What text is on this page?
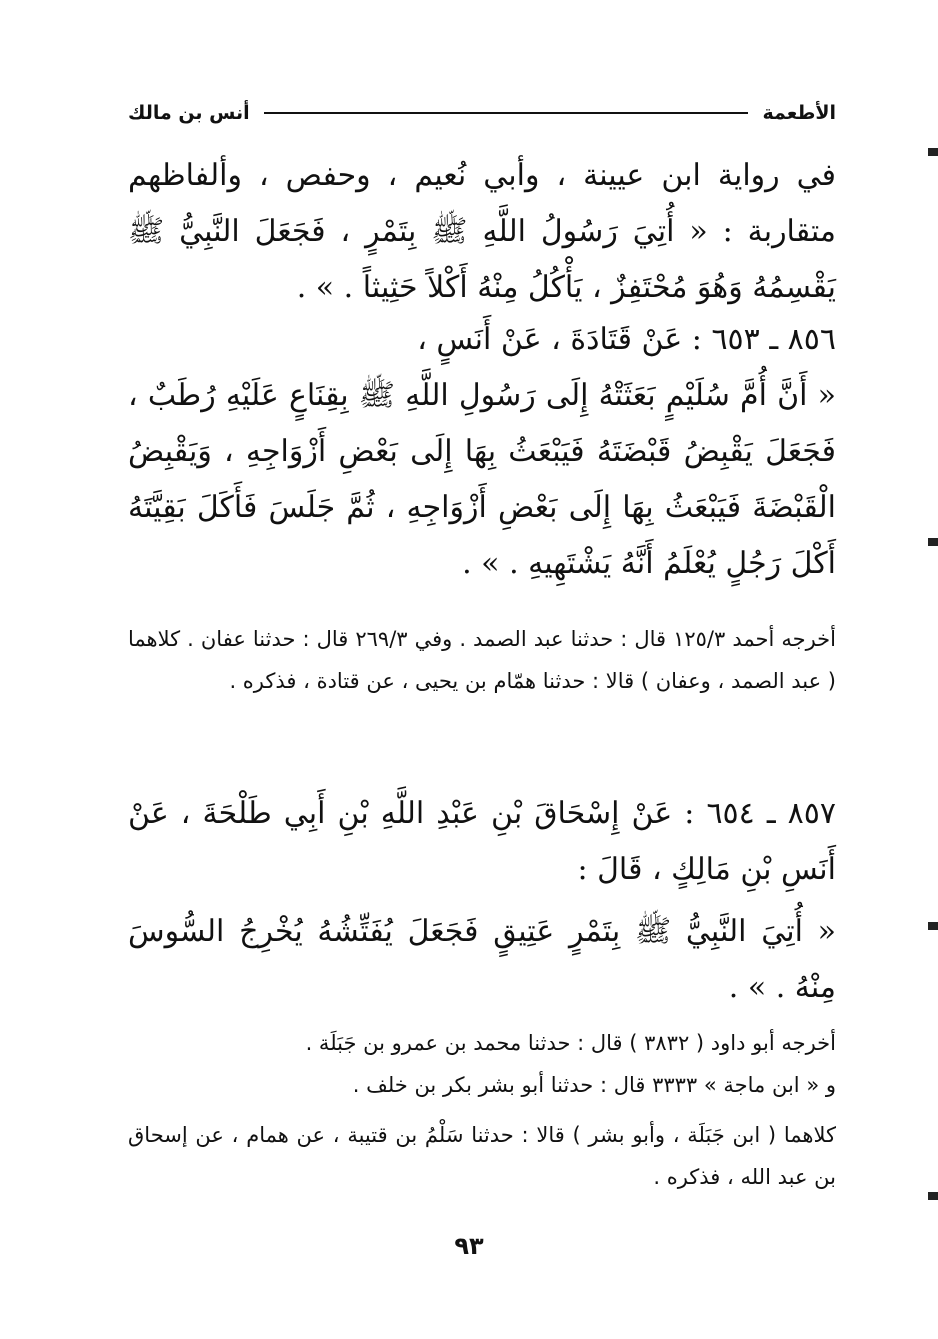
الأطعمة
أنس بن مالك

في رواية ابن عيينة ، وأبي نُعيم ، وحفص ، وألفاظهم متقاربة : « أُتِيَ رَسُولُ اللَّهِ ﷺ بِتَمْرٍ ، فَجَعَلَ النَّبِيُّ ﷺ يَقْسِمُهُ وَهُوَ مُحْتَفِزٌ ، يَأْكُلُ مِنْهُ أَكْلاً حَثِيثاً . » .

٨٥٦ ـ ٦٥٣ : عَنْ قَتَادَةَ ، عَنْ أَنَسٍ ،

« أَنَّ أُمَّ سُلَيْمٍ بَعَثَتْهُ إِلَى رَسُولِ اللَّهِ ﷺ بِقِنَاعٍ عَلَيْهِ رُطَبٌ ، فَجَعَلَ يَقْبِضُ قَبْضَتَهُ فَيَبْعَثُ بِهَا إِلَى بَعْضِ أَزْوَاجِهِ ، وَيَقْبِضُ الْقَبْضَةَ فَيَبْعَثُ بِهَا إِلَى بَعْضِ أَزْوَاجِهِ ، ثُمَّ جَلَسَ فَأَكَلَ بَقِيَّتَهُ أَكْلَ رَجُلٍ يُعْلَمُ أَنَّهُ يَشْتَهِيهِ . » .

أخرجه أحمد ١٢٥/٣ قال : حدثنا عبد الصمد . وفي ٢٦٩/٣ قال : حدثنا عفان . كلاهما ( عبد الصمد ، وعفان ) قالا : حدثنا همّام بن يحيى ، عن قتادة ، فذكره .

٨٥٧ ـ ٦٥٤ : عَنْ إِسْحَاقَ بْنِ عَبْدِ اللَّهِ بْنِ أَبِي طَلْحَةَ ، عَنْ أَنَسِ بْنِ مَالِكٍ ، قَالَ :

« أُتِيَ النَّبِيُّ ﷺ بِتَمْرٍ عَتِيقٍ فَجَعَلَ يُفَتِّشُهُ يُخْرِجُ السُّوسَ مِنْهُ . » .

أخرجه أبو داود ( ٣٨٣٢ ) قال : حدثنا محمد بن عمرو بن جَبَلَة .

و « ابن ماجة » ٣٣٣٣ قال : حدثنا أبو بشر بكر بن خلف .

كلاهما ( ابن جَبَلَة ، وأبو بشر ) قالا : حدثنا سَلْمُ بن قتيبة ، عن همام ، عن إسحاق بن عبد الله ، فذكره .

٩٣
